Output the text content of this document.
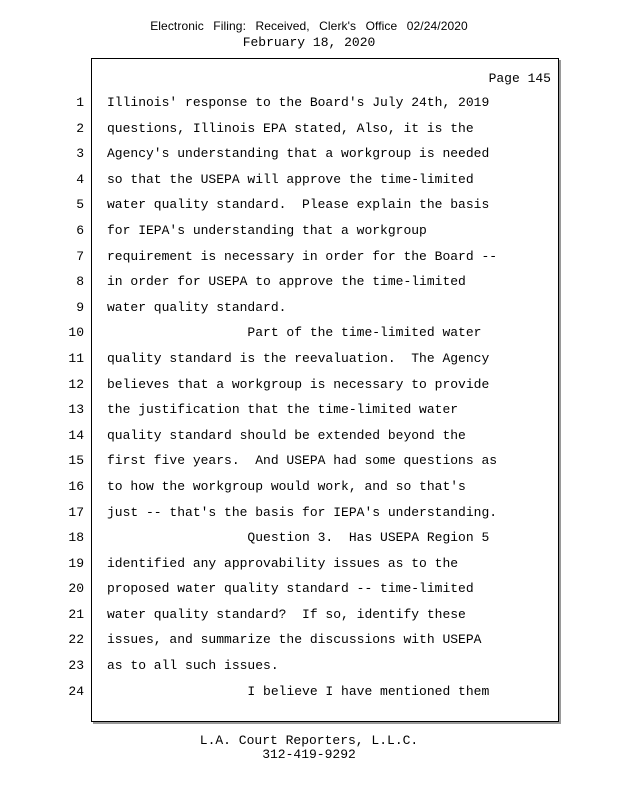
Electronic Filing: Received, Clerk's Office 02/24/2020
February 18, 2020
Page 145
1
2
3
4
5
6
7
8
9
10
11
12
13
14
15
16
17
18
19
20
21
22
23
24
Illinois' response to the Board's July 24th, 2019
questions, Illinois EPA stated, Also, it is the
Agency's understanding that a workgroup is needed
so that the USEPA will approve the time-limited
water quality standard.  Please explain the basis
for IEPA's understanding that a workgroup
requirement is necessary in order for the Board --
in order for USEPA to approve the time-limited
water quality standard.
Part of the time-limited water
quality standard is the reevaluation.  The Agency
believes that a workgroup is necessary to provide
the justification that the time-limited water
quality standard should be extended beyond the
first five years.  And USEPA had some questions as
to how the workgroup would work, and so that's
just -- that's the basis for IEPA's understanding.
Question 3.  Has USEPA Region 5
identified any approvability issues as to the
proposed water quality standard -- time-limited
water quality standard?  If so, identify these
issues, and summarize the discussions with USEPA
as to all such issues.
I believe I have mentioned them
L.A. Court Reporters, L.L.C.
312-419-9292
